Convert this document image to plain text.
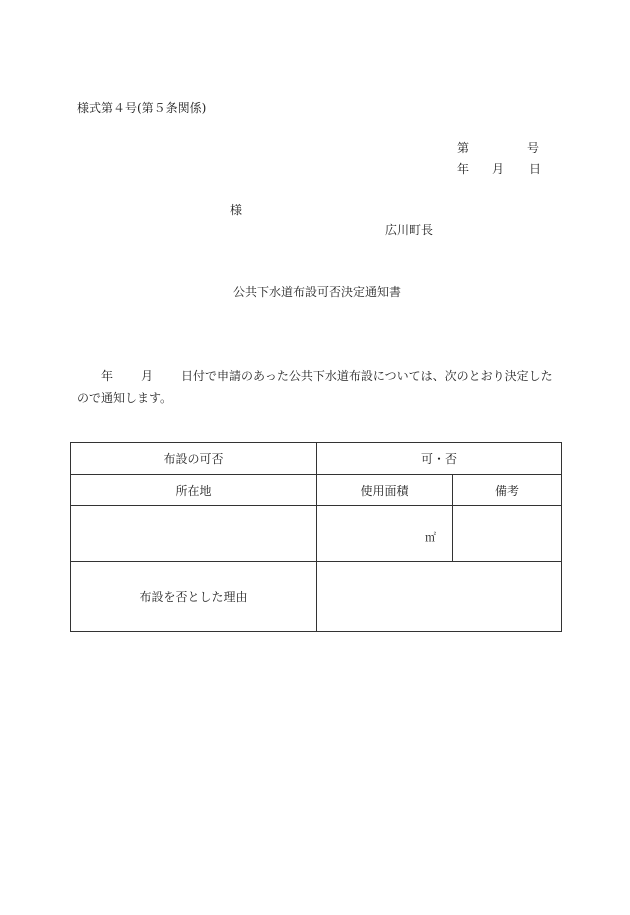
様式第４号(第５条関係)
第	号
年 月 日
様
広川町長
公共下水道布設可否決定通知書
年 月 日付で申請のあった公共下水道布設については、次のとおり決定したので通知します。
布設の可否	可・否	
所在地	使用面積	備考

	㎡	

布設を否とした理由		
